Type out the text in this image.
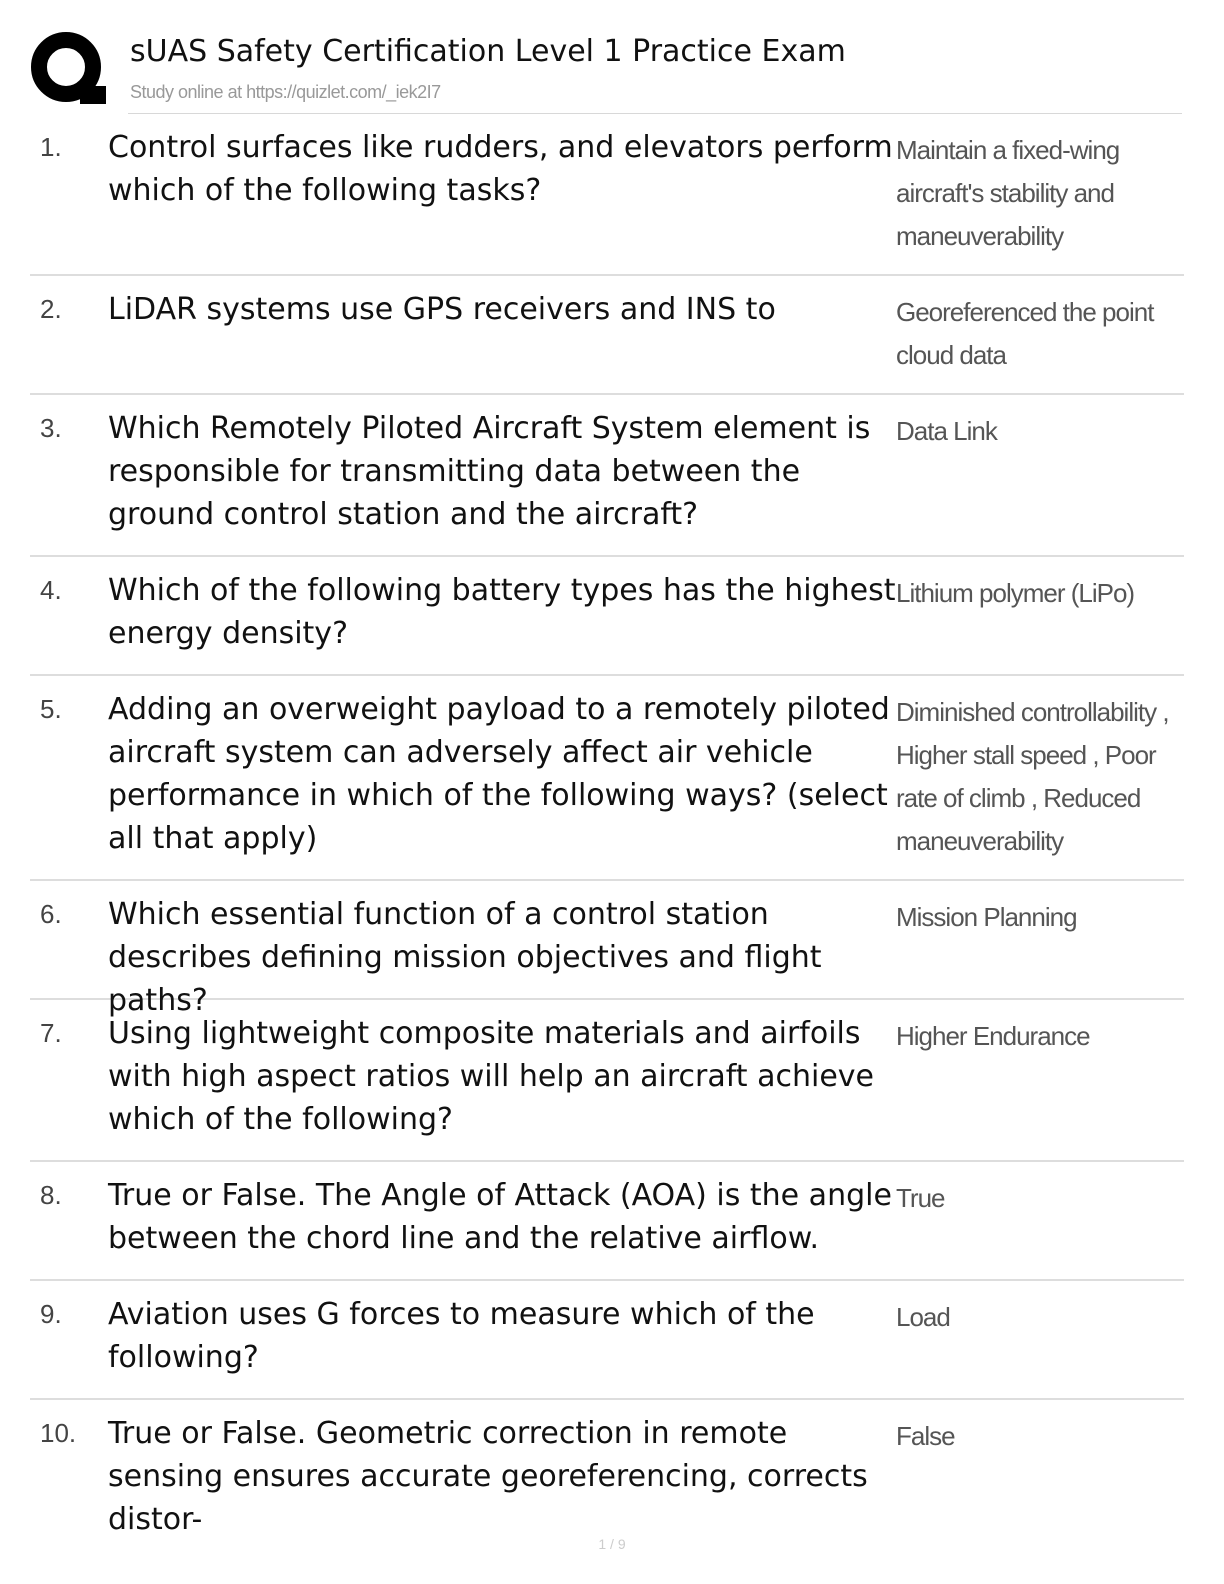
sUAS Safety Certification Level 1 Practice Exam
Study online at https://quizlet.com/_iek2I7
1. Control surfaces like rudders, and elevators perform which of the following tasks?
Maintain a fixed-wing aircraft's stability and maneuverability
2. LiDAR systems use GPS receivers and INS to	Georeferenced the point cloud data
3. Which Remotely Piloted Aircraft System element is responsible for transmitting data between the ground control station and the aircraft?
Data Link
4. Which of the following battery types has the highest energy density?
Lithium polymer (LiPo)
5. Adding an overweight payload to a remotely piloted aircraft system can adversely affect air vehicle performance in which of the following ways? (select all that apply)
Diminished controllability , Higher stall speed , Poor rate of climb , Reduced maneuverability
6. Which essential function of a control station describes defining mission objectives and flight paths?
Mission Planning
7. Using lightweight composite materials and airfoils with high aspect ratios will help an aircraft achieve which of the following?
Higher Endurance
8. True or False. The Angle of Attack (AOA) is the angle between the chord line and the relative airflow.
True
9. Aviation uses G forces to measure which of the following?
Load
10. True or False. Geometric correction in remote sensing ensures accurate georeferencing, corrects distor-
False
1 / 9
